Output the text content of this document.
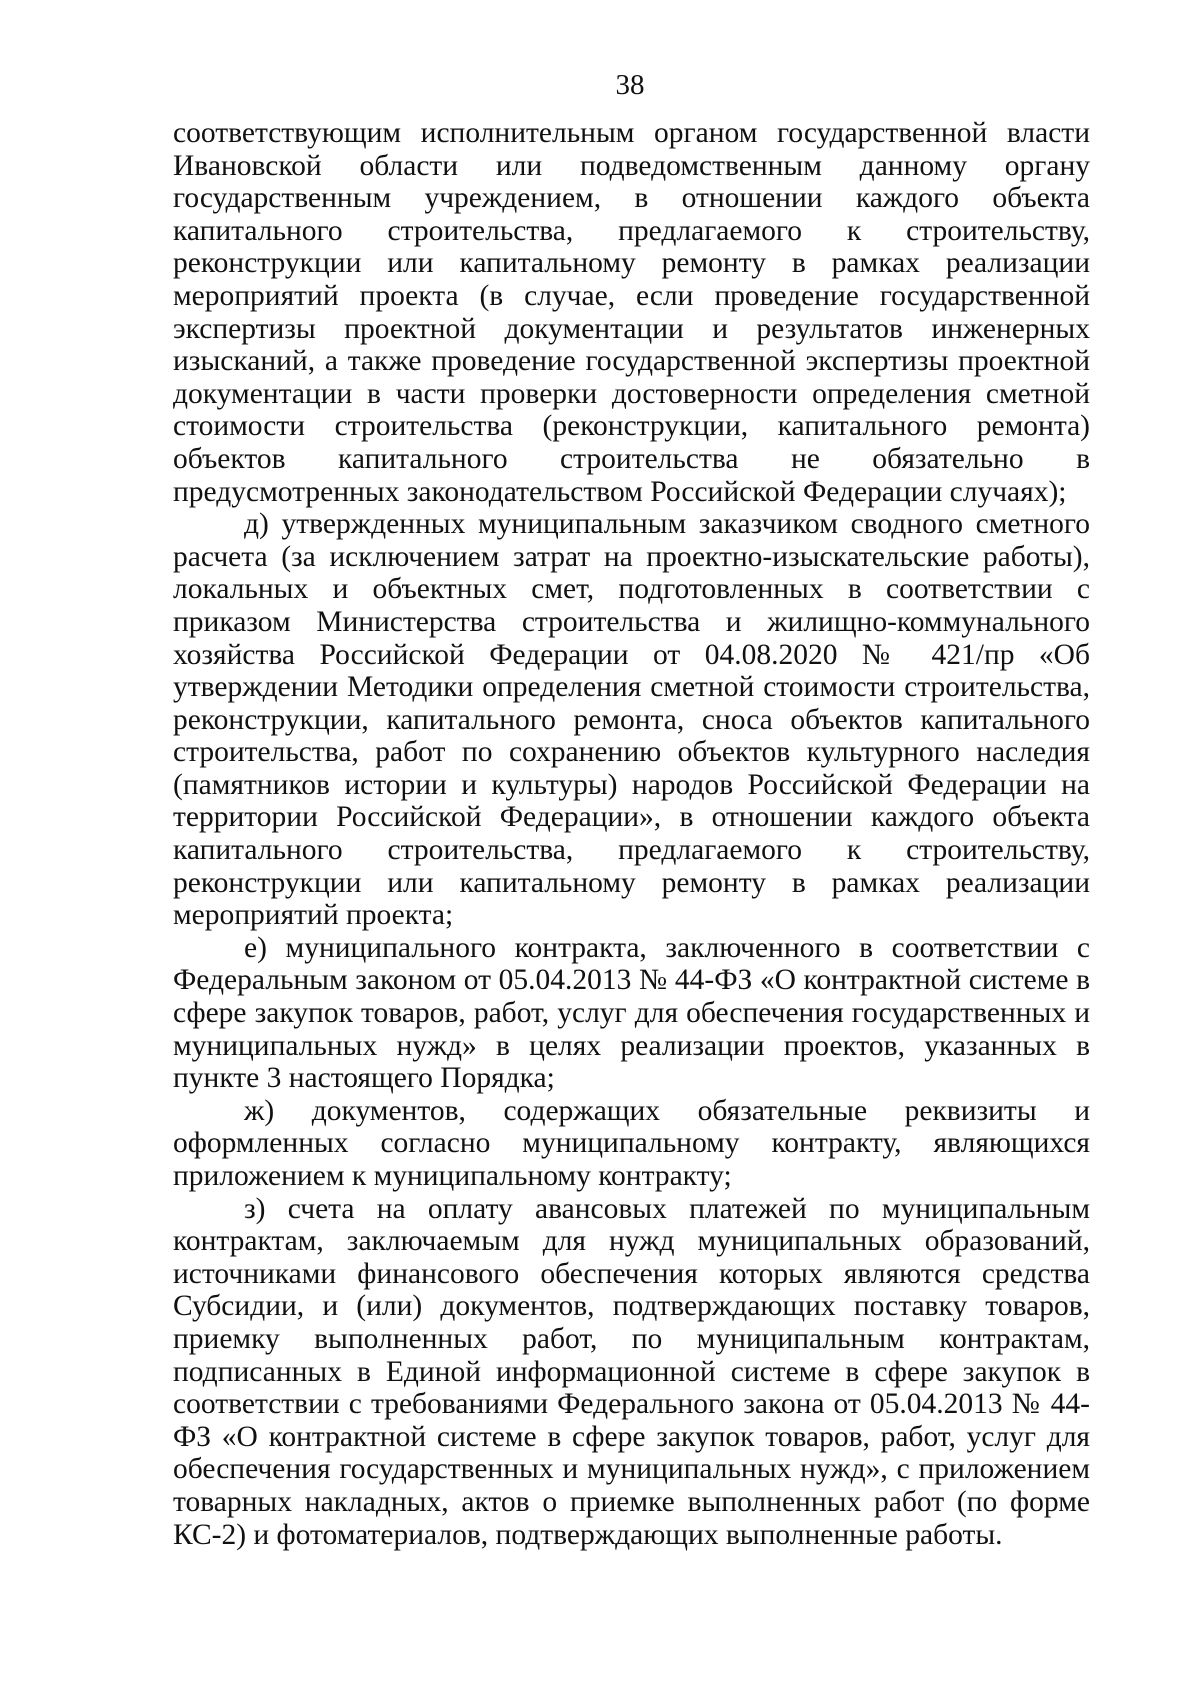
38

соответствующим исполнительным органом государственной власти Ивановской области или подведомственным данному органу государственным учреждением, в отношении каждого объекта капитального строительства, предлагаемого к строительству, реконструкции или капитальному ремонту в рамках реализации мероприятий проекта (в случае, если проведение государственной экспертизы проектной документации и результатов инженерных изысканий, а также проведение государственной экспертизы проектной документации в части проверки достоверности определения сметной стоимости строительства (реконструкции, капитального ремонта) объектов капитального строительства не обязательно в предусмотренных законодательством Российской Федерации случаях);

д) утвержденных муниципальным заказчиком сводного сметного расчета (за исключением затрат на проектно-изыскательские работы), локальных и объектных смет, подготовленных в соответствии с приказом Министерства строительства и жилищно-коммунального хозяйства Российской Федерации от 04.08.2020 № 421/пр «Об утверждении Методики определения сметной стоимости строительства, реконструкции, капитального ремонта, сноса объектов капитального строительства, работ по сохранению объектов культурного наследия (памятников истории и культуры) народов Российской Федерации на территории Российской Федерации», в отношении каждого объекта капитального строительства, предлагаемого к строительству, реконструкции или капитальному ремонту в рамках реализации мероприятий проекта;

е) муниципального контракта, заключенного в соответствии с Федеральным законом от 05.04.2013 № 44-ФЗ «О контрактной системе в сфере закупок товаров, работ, услуг для обеспечения государственных и муниципальных нужд» в целях реализации проектов, указанных в пункте 3 настоящего Порядка;

ж) документов, содержащих обязательные реквизиты и оформленных согласно муниципальному контракту, являющихся приложением к муниципальному контракту;

з) счета на оплату авансовых платежей по муниципальным контрактам, заключаемым для нужд муниципальных образований, источниками финансового обеспечения которых являются средства Субсидии, и (или) документов, подтверждающих поставку товаров, приемку выполненных работ, по муниципальным контрактам, подписанных в Единой информационной системе в сфере закупок в соответствии с требованиями Федерального закона от 05.04.2013 № 44-ФЗ «О контрактной системе в сфере закупок товаров, работ, услуг для обеспечения государственных и муниципальных нужд», с приложением товарных накладных, актов о приемке выполненных работ (по форме КС-2) и фотоматериалов, подтверждающих выполненные работы.
